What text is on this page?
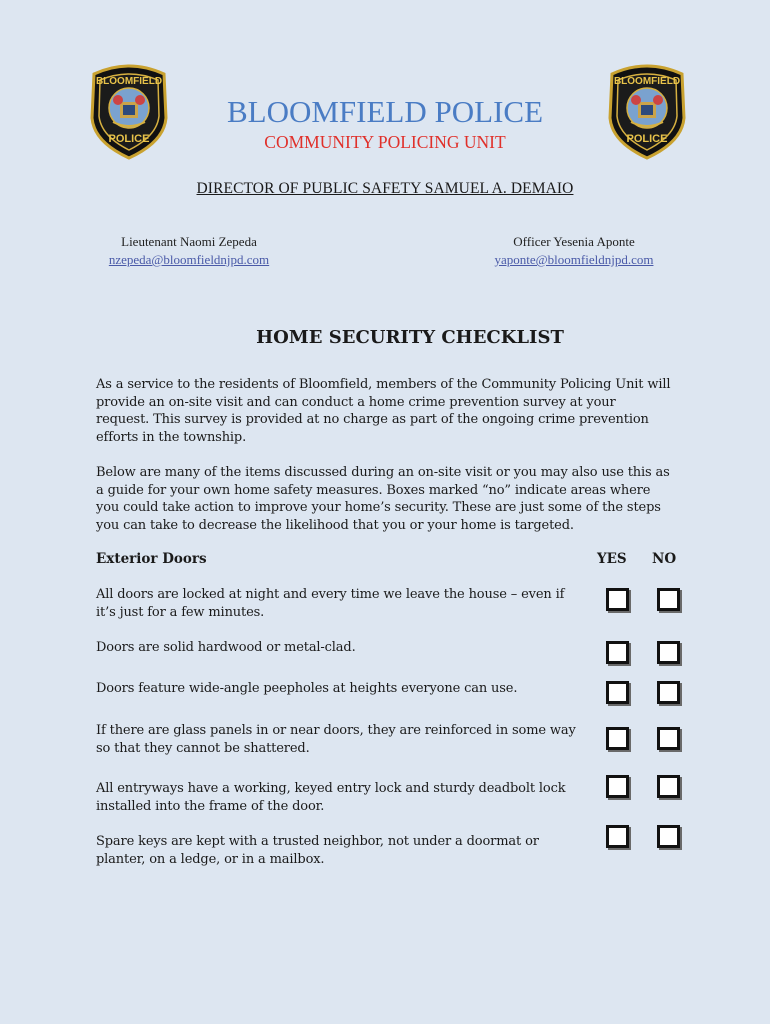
BLOOMFIELD
POLICE
BLOOMFIELD
POLICE
BLOOMFIELD POLICE
COMMUNITY POLICING UNIT
DIRECTOR OF PUBLIC SAFETY SAMUEL A. DEMAIO
Lieutenant Naomi Zepeda
nzepeda@bloomfieldnjpd.com
Officer Yesenia Aponte
yaponte@bloomfieldnjpd.com
HOME SECURITY CHECKLIST
As a service to the residents of Bloomfield, members of the Community Policing Unit will provide an on-site visit and can conduct a home crime prevention survey at your request. This survey is provided at no charge as part of the ongoing crime prevention efforts in the township.
Below are many of the items discussed during an on-site visit or you may also use this as a guide for your own home safety measures. Boxes marked “no” indicate areas where you could take action to improve your home’s security. These are just some of the steps you can take to decrease the likelihood that you or your home is targeted.
Exterior Doors	YES NO
All doors are locked at night and every time we leave the house – even if it’s just for a few minutes.
Doors are solid hardwood or metal-clad.
Doors feature wide-angle peepholes at heights everyone can use.
If there are glass panels in or near doors, they are reinforced in some way so that they cannot be shattered.
All entryways have a working, keyed entry lock and sturdy deadbolt lock installed into the frame of the door.
Spare keys are kept with a trusted neighbor, not under a doormat or planter, on a ledge, or in a mailbox.
